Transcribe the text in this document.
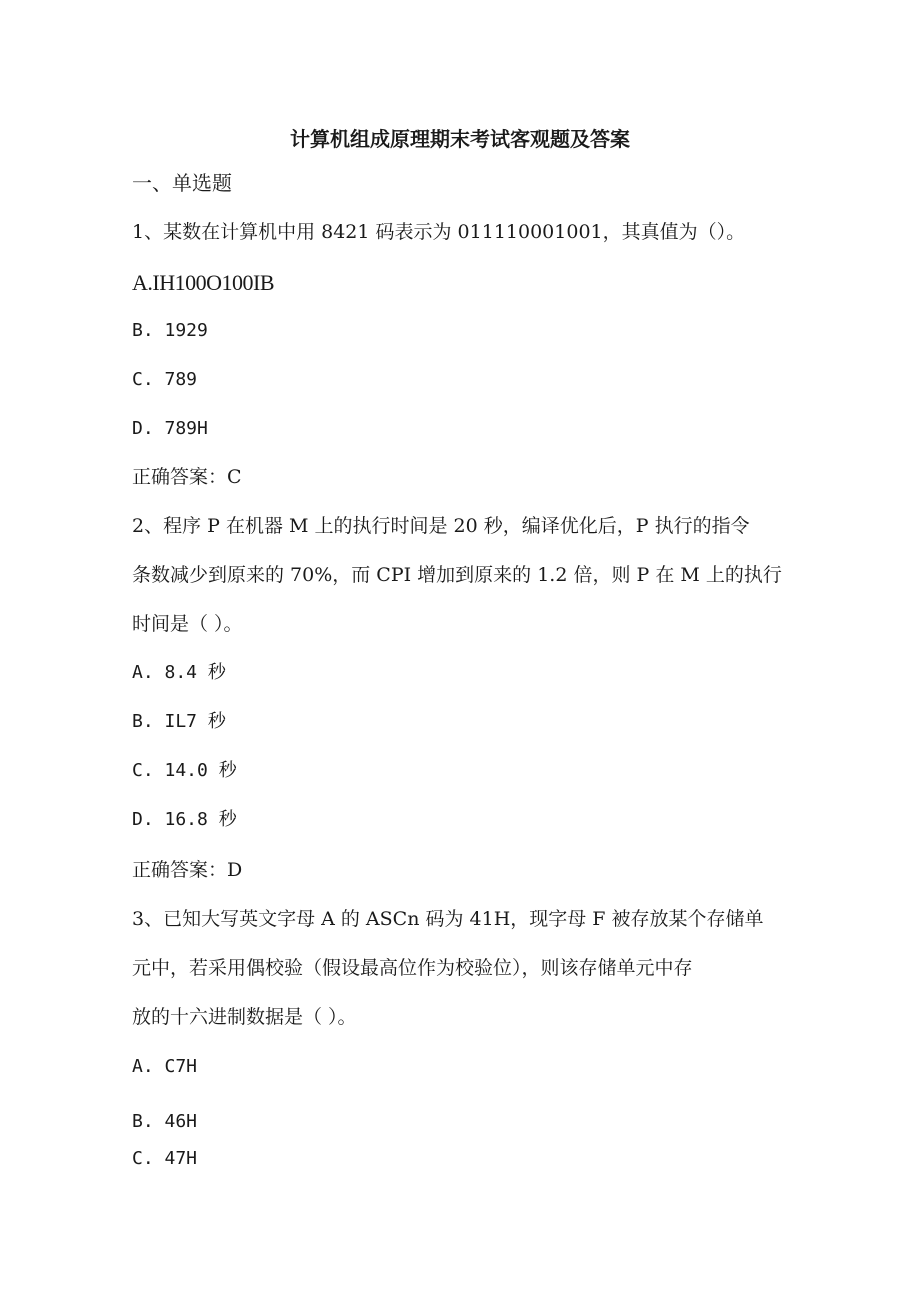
计算机组成原理期末考试客观题及答案

一、单选题

1、某数在计算机中用 8421 码表示为 011110001001，其真值为（）。

A.IH100O100IB

B. 1929

C. 789

D. 789H

正确答案：C

2、程序 P 在机器 M 上的执行时间是 20 秒，编译优化后，P 执行的指令

条数减少到原来的 70%，而 CPI 增加到原来的 1.2 倍，则 P 在 M 上的执行

时间是（ ）。

A. 8.4 秒

B. IL7 秒

C. 14.0 秒

D. 16.8 秒

正确答案：D

3、已知大写英文字母 A 的 ASCn 码为 41H，现字母 F 被存放某个存储单

元中，若采用偶校验（假设最高位作为校验位），则该存储单元中存

放的十六进制数据是（ ）。

A. C7H

B. 46H

C. 47H
